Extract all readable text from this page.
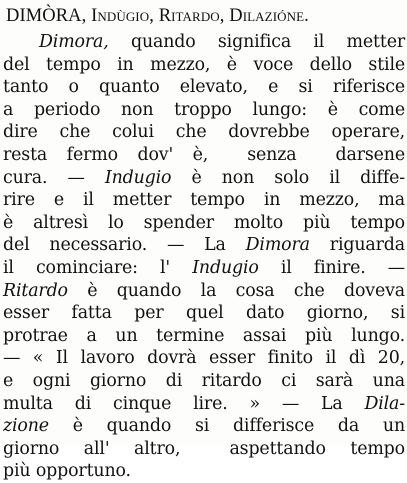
DIMÒRA, Indùgio, Ritardo, Dilazióne.
Dimora, quando significa il metter
del tempo in mezzo, è voce dello stile
tanto o quanto elevato, e si riferisce
a periodo non troppo lungo: è come
dire che colui che dovrebbe operare,
resta fermo dov' è,  senza  darsene
cura. — Indugio è non solo il diffe-
rire e il metter tempo in mezzo, ma
è altresì lo spender molto più tempo
del necessario. — La Dimora riguarda
il cominciare: l' Indugio il finire. —
Ritardo è quando la cosa che doveva
esser fatta per quel dato giorno, si
protrae a un termine assai più lungo.
— « Il lavoro dovrà esser finito il dì 20,
e ogni giorno di ritardo ci sarà una
multa di cinque lire. » — La Dila-
zione è quando si differisce da un
giorno all' altro,  aspettando tempo
più opportuno.
